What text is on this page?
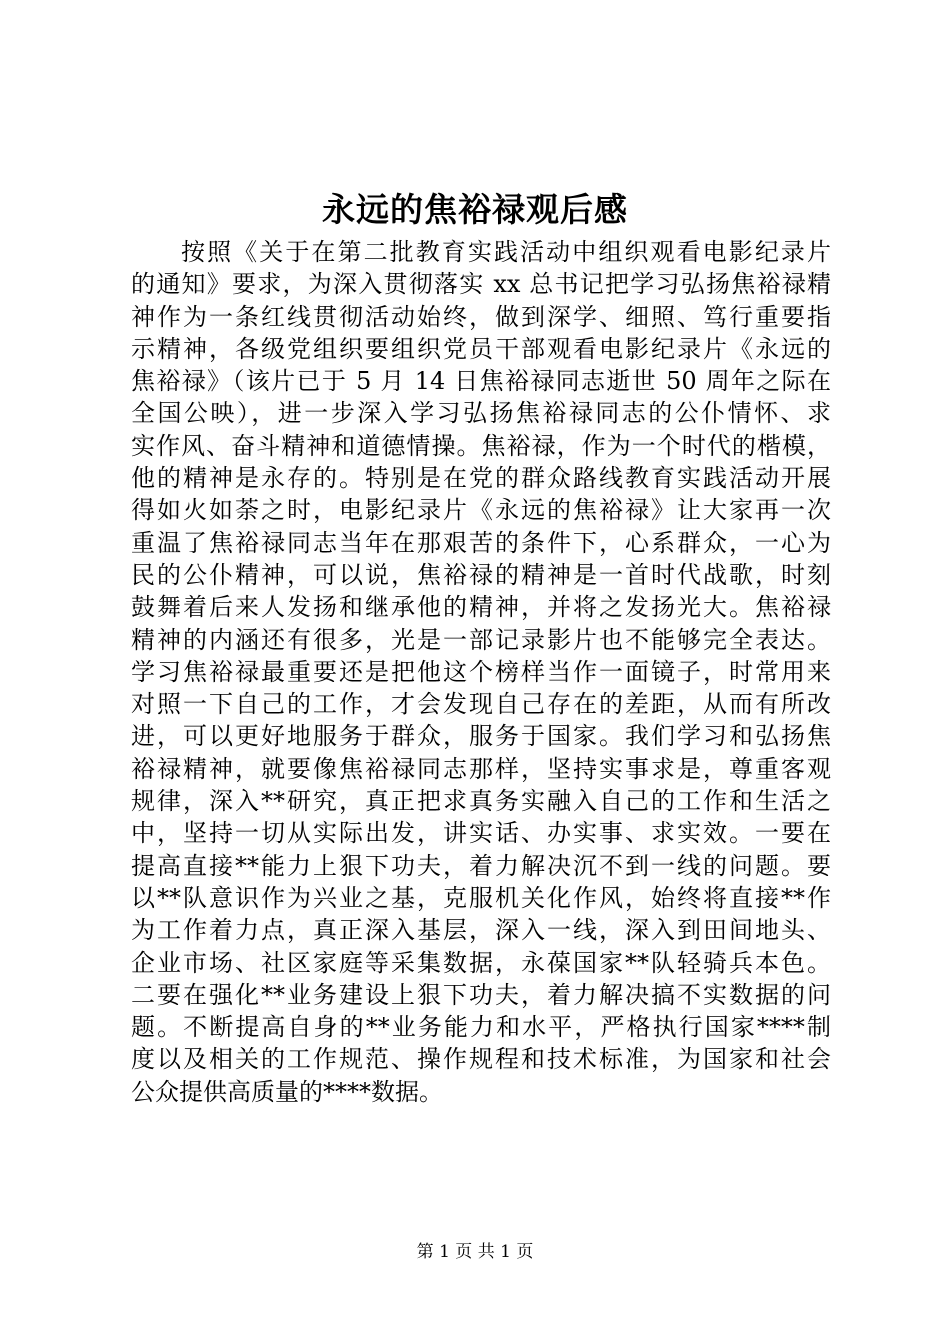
永远的焦裕禄观后感
按照《关于在第二批教育实践活动中组织观看电影纪录片
的通知》要求，为深入贯彻落实 xx 总书记把学习弘扬焦裕禄精
神作为一条红线贯彻活动始终，做到深学、细照、笃行重要指
示精神，各级党组织要组织党员干部观看电影纪录片《永远的
焦裕禄》（该片已于 5 月 14 日焦裕禄同志逝世 50 周年之际在
全国公映），进一步深入学习弘扬焦裕禄同志的公仆情怀、求
实作风、奋斗精神和道德情操。焦裕禄，作为一个时代的楷模，
他的精神是永存的。特别是在党的群众路线教育实践活动开展
得如火如荼之时，电影纪录片《永远的焦裕禄》让大家再一次
重温了焦裕禄同志当年在那艰苦的条件下，心系群众，一心为
民的公仆精神，可以说，焦裕禄的精神是一首时代战歌，时刻
鼓舞着后来人发扬和继承他的精神，并将之发扬光大。焦裕禄
精神的内涵还有很多，光是一部记录影片也不能够完全表达。
学习焦裕禄最重要还是把他这个榜样当作一面镜子，时常用来
对照一下自己的工作，才会发现自己存在的差距，从而有所改
进，可以更好地服务于群众，服务于国家。我们学习和弘扬焦
裕禄精神，就要像焦裕禄同志那样，坚持实事求是，尊重客观
规律，深入**研究，真正把求真务实融入自己的工作和生活之
中，坚持一切从实际出发，讲实话、办实事、求实效。一要在
提高直接**能力上狠下功夫，着力解决沉不到一线的问题。要
以**队意识作为兴业之基，克服机关化作风，始终将直接**作
为工作着力点，真正深入基层，深入一线，深入到田间地头、
企业市场、社区家庭等采集数据，永葆国家**队轻骑兵本色。
二要在强化**业务建设上狠下功夫，着力解决搞不实数据的问
题。不断提高自身的**业务能力和水平，严格执行国家****制
度以及相关的工作规范、操作规程和技术标准，为国家和社会
公众提供高质量的****数据。
第 1 页 共 1 页
